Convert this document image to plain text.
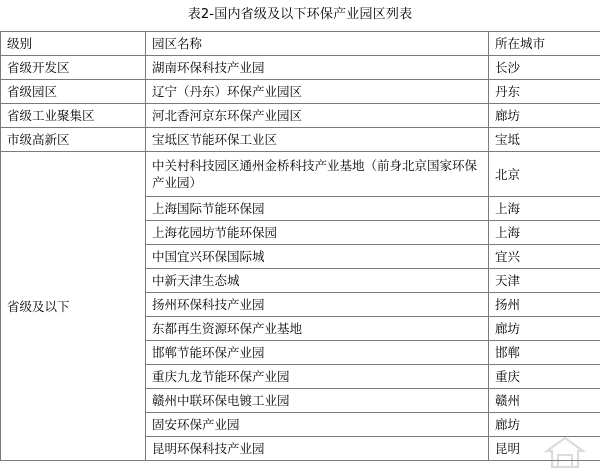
表2-国内省级及以下环保产业园区列表
级别	园区名称	所在城市
省级开发区	湖南环保科技产业园	长沙
省级园区	辽宁（丹东）环保产业园区	丹东
省级工业聚集区	河北香河京东环保产业园区	廊坊
市级高新区	宝坻区节能环保工业区	宝坻
省级及以下	中关村科技园区通州金桥科技产业基地（前身北京国家环保产业园）	北京
	上海国际节能环保园	上海
	上海花园坊节能环保园	上海
	中国宜兴环保国际城	宜兴
	中新天津生态城	天津
	扬州环保科技产业园	扬州
	东都再生资源环保产业基地	廊坊
	邯郸节能环保产业园	邯郸
	重庆九龙节能环保产业园	重庆
	赣州中联环保电镀工业园	赣州
	固安环保产业园	廊坊
	昆明环保科技产业园	昆明
